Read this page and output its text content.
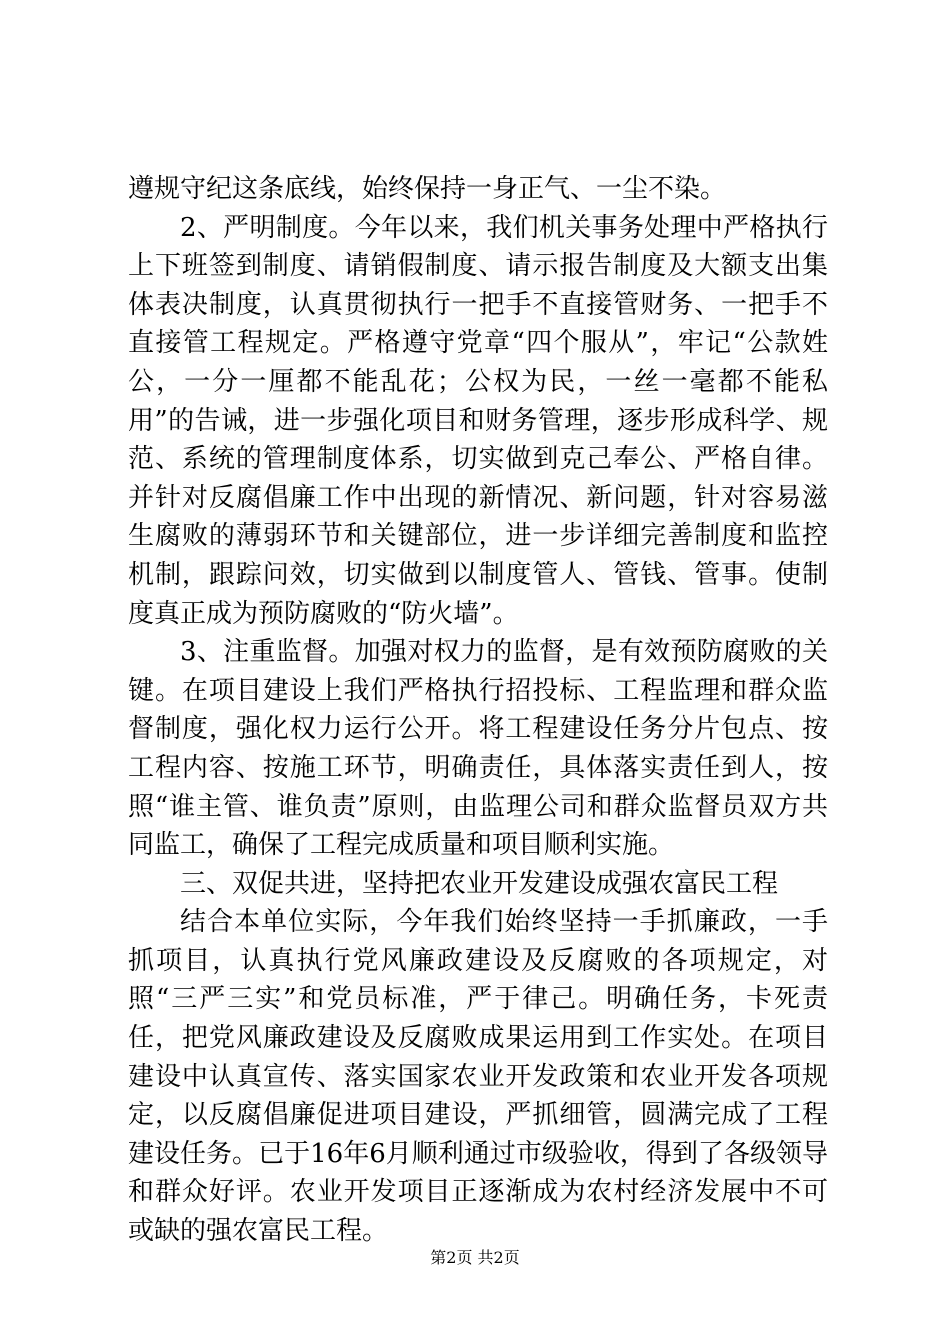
遵规守纪这条底线，始终保持一身正气、一尘不染。

2、严明制度。今年以来，我们机关事务处理中严格执行上下班签到制度、请销假制度、请示报告制度及大额支出集体表决制度，认真贯彻执行一把手不直接管财务、一把手不直接管工程规定。严格遵守党章“四个服从”，牢记“公款姓公，一分一厘都不能乱花；公权为民，一丝一毫都不能私用”的告诫，进一步强化项目和财务管理，逐步形成科学、规范、系统的管理制度体系，切实做到克己奉公、严格自律。并针对反腐倡廉工作中出现的新情况、新问题，针对容易滋生腐败的薄弱环节和关键部位，进一步详细完善制度和监控机制，跟踪问效，切实做到以制度管人、管钱、管事。使制度真正成为预防腐败的“防火墙”。

3、注重监督。加强对权力的监督，是有效预防腐败的关键。在项目建设上我们严格执行招投标、工程监理和群众监督制度，强化权力运行公开。将工程建设任务分片包点、按工程内容、按施工环节，明确责任，具体落实责任到人，按照“谁主管、谁负责”原则，由监理公司和群众监督员双方共同监工，确保了工程完成质量和项目顺利实施。

三、双促共进，坚持把农业开发建设成强农富民工程

结合本单位实际，今年我们始终坚持一手抓廉政，一手抓项目，认真执行党风廉政建设及反腐败的各项规定，对照“三严三实”和党员标准，严于律己。明确任务，卡死责任，把党风廉政建设及反腐败成果运用到工作实处。在项目建设中认真宣传、落实国家农业开发政策和农业开发各项规定，以反腐倡廉促进项目建设，严抓细管，圆满完成了工程建设任务。已于16年6月顺利通过市级验收，得到了各级领导和群众好评。农业开发项目正逐渐成为农村经济发展中不可或缺的强农富民工程。

第2页 共2页
